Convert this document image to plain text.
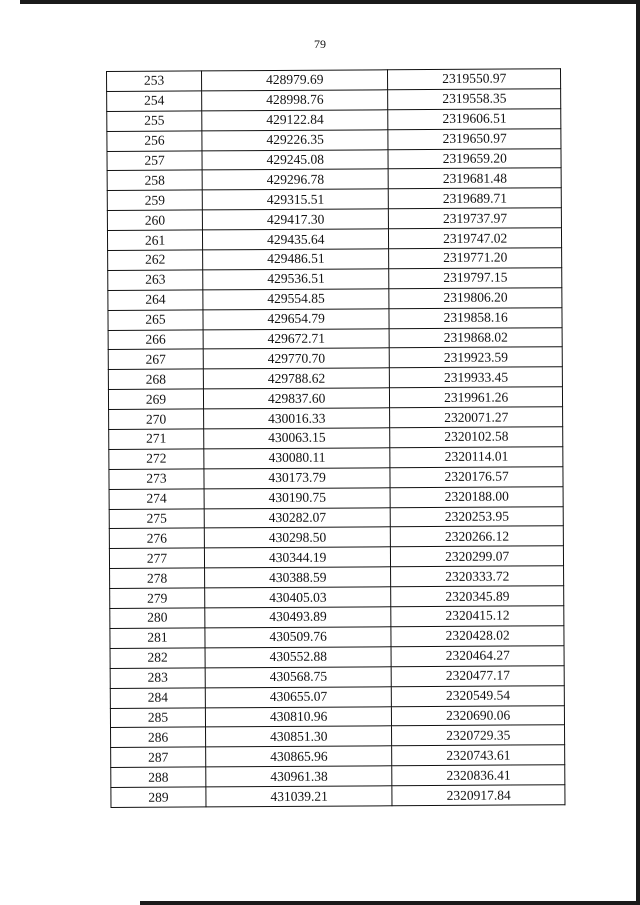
79
253	428979.69	2319550.97
254	428998.76	2319558.35
255	429122.84	2319606.51
256	429226.35	2319650.97
257	429245.08	2319659.20
258	429296.78	2319681.48
259	429315.51	2319689.71
260	429417.30	2319737.97
261	429435.64	2319747.02
262	429486.51	2319771.20
263	429536.51	2319797.15
264	429554.85	2319806.20
265	429654.79	2319858.16
266	429672.71	2319868.02
267	429770.70	2319923.59
268	429788.62	2319933.45
269	429837.60	2319961.26
270	430016.33	2320071.27
271	430063.15	2320102.58
272	430080.11	2320114.01
273	430173.79	2320176.57
274	430190.75	2320188.00
275	430282.07	2320253.95
276	430298.50	2320266.12
277	430344.19	2320299.07
278	430388.59	2320333.72
279	430405.03	2320345.89
280	430493.89	2320415.12
281	430509.76	2320428.02
282	430552.88	2320464.27
283	430568.75	2320477.17
284	430655.07	2320549.54
285	430810.96	2320690.06
286	430851.30	2320729.35
287	430865.96	2320743.61
288	430961.38	2320836.41
289	431039.21	2320917.84
